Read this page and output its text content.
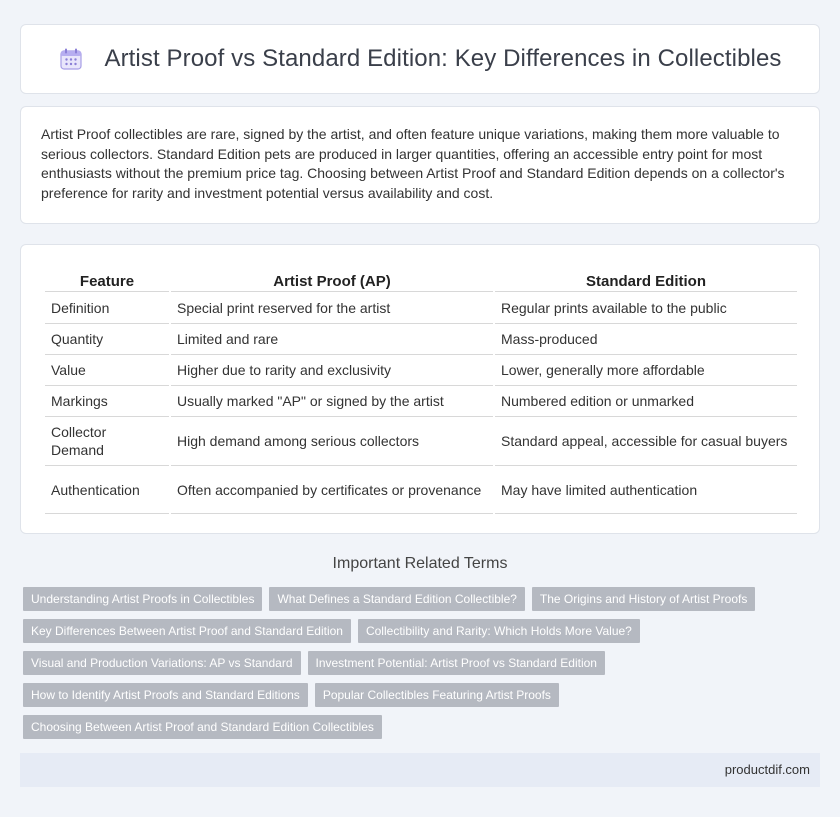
Artist Proof vs Standard Edition: Key Differences in Collectibles

Artist Proof collectibles are rare, signed by the artist, and often feature unique variations, making them more valuable to serious collectors. Standard Edition pets are produced in larger quantities, offering an accessible entry point for most enthusiasts without the premium price tag. Choosing between Artist Proof and Standard Edition depends on a collector's preference for rarity and investment potential versus availability and cost.

Feature	Artist Proof (AP)	Standard Edition
Definition	Special print reserved for the artist	Regular prints available to the public
Quantity	Limited and rare	Mass-produced
Value	Higher due to rarity and exclusivity	Lower, generally more affordable
Markings	Usually marked "AP" or signed by the artist	Numbered edition or unmarked
Collector Demand	High demand among serious collectors	Standard appeal, accessible for casual buyers
Authentication	Often accompanied by certificates or provenance	May have limited authentication
Important Related Terms
Understanding Artist Proofs in Collectibles	What Defines a Standard Edition Collectible?	The Origins and History of Artist Proofs
Key Differences Between Artist Proof and Standard Edition	Collectibility and Rarity: Which Holds More Value?
Visual and Production Variations: AP vs Standard	Investment Potential: Artist Proof vs Standard Edition
How to Identify Artist Proofs and Standard Editions	Popular Collectibles Featuring Artist Proofs
Choosing Between Artist Proof and Standard Edition Collectibles
productdif.com
